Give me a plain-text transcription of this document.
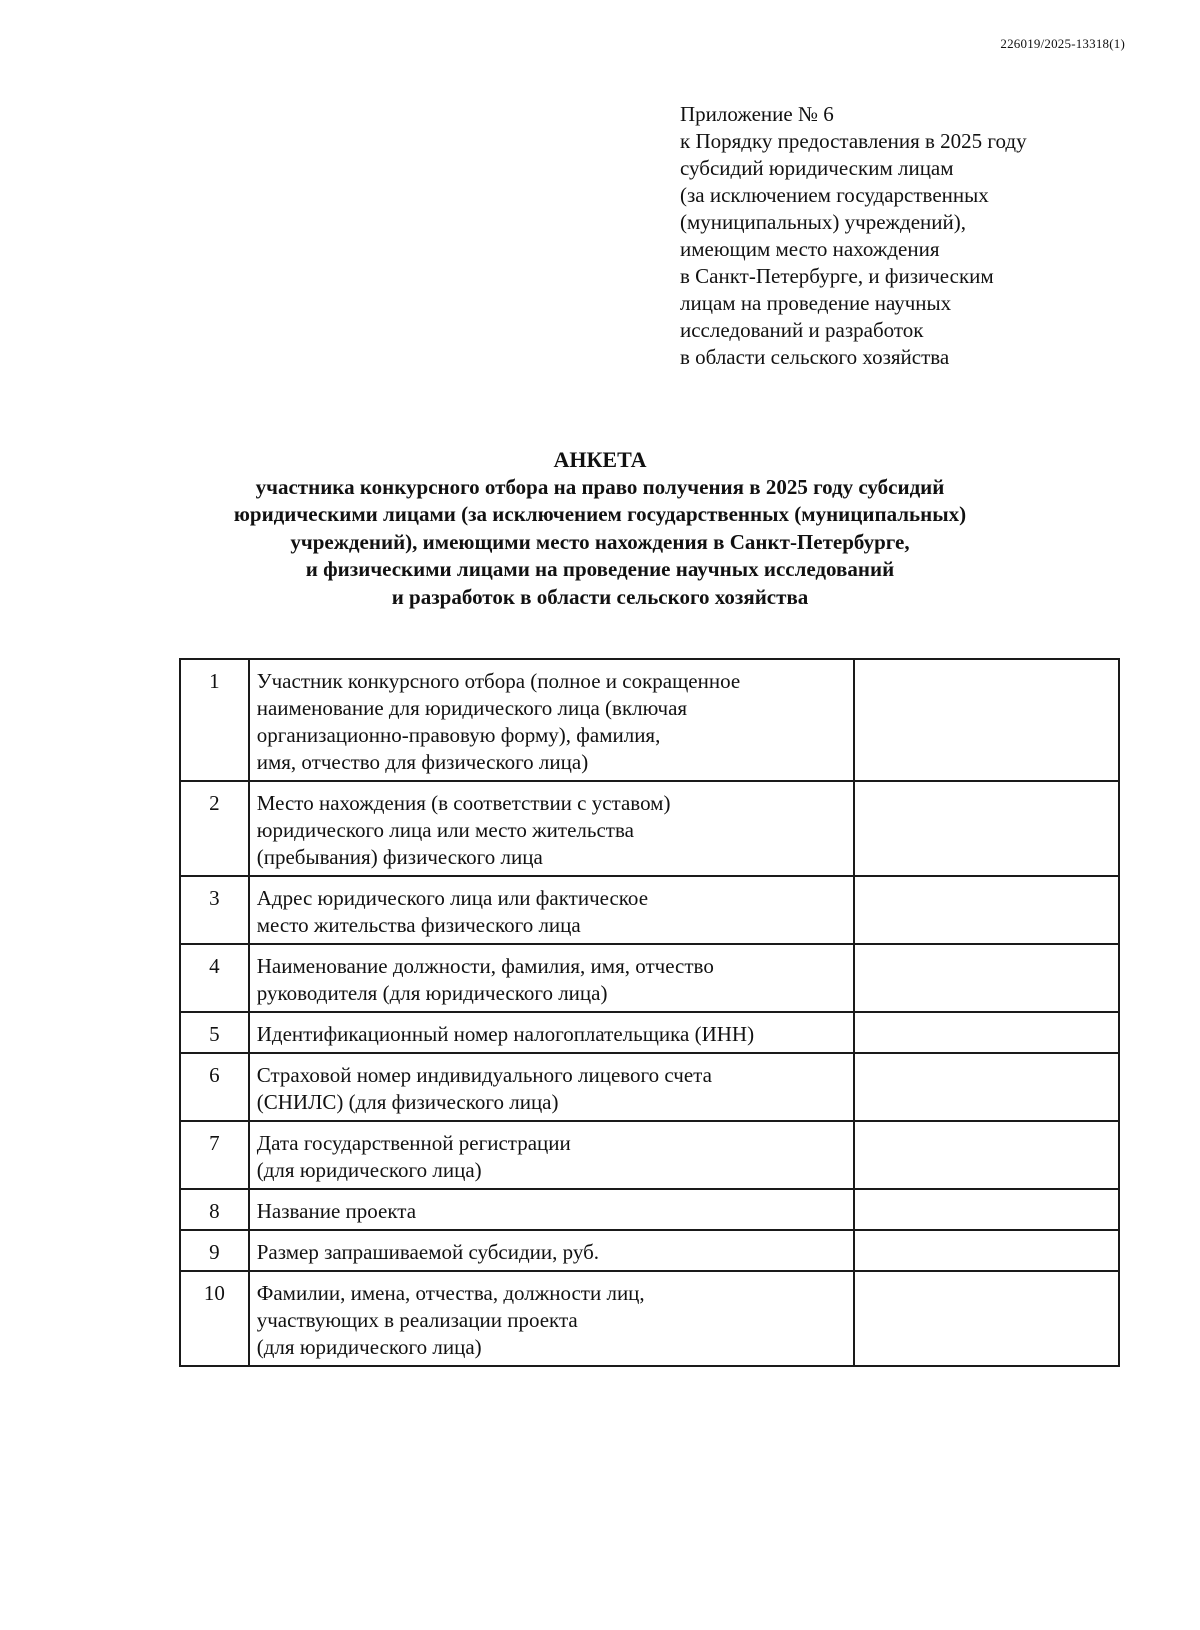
226019/2025-13318(1)
Приложение № 6
к Порядку предоставления в 2025 году
субсидий юридическим лицам
(за исключением государственных
(муниципальных) учреждений),
имеющим место нахождения
в Санкт-Петербурге, и физическим
лицам на проведение научных
исследований и разработок
в области сельского хозяйства
АНКЕТА
участника конкурсного отбора на право получения в 2025 году субсидий
юридическими лицами (за исключением государственных (муниципальных)
учреждений), имеющими место нахождения в Санкт-Петербурге,
и физическими лицами на проведение научных исследований
и разработок в области сельского хозяйства
1	Участник конкурсного отбора (полное и сокращенное
наименование для юридического лица (включая
организационно-правовую форму), фамилия,
имя, отчество для физического лица)	

2	Место нахождения (в соответствии с уставом)
юридического лица или место жительства
(пребывания) физического лица	

3	Адрес юридического лица или фактическое
место жительства физического лица	

4	Наименование должности, фамилия, имя, отчество
руководителя (для юридического лица)	

5	Идентификационный номер налогоплательщика (ИНН)	

6	Страховой номер индивидуального лицевого счета
(СНИЛС) (для физического лица)	

7	Дата государственной регистрации
(для юридического лица)	

8	Название проекта	

9	Размер запрашиваемой субсидии, руб.	

10	Фамилии, имена, отчества, должности лиц,
участвующих в реализации проекта
(для юридического лица)	
